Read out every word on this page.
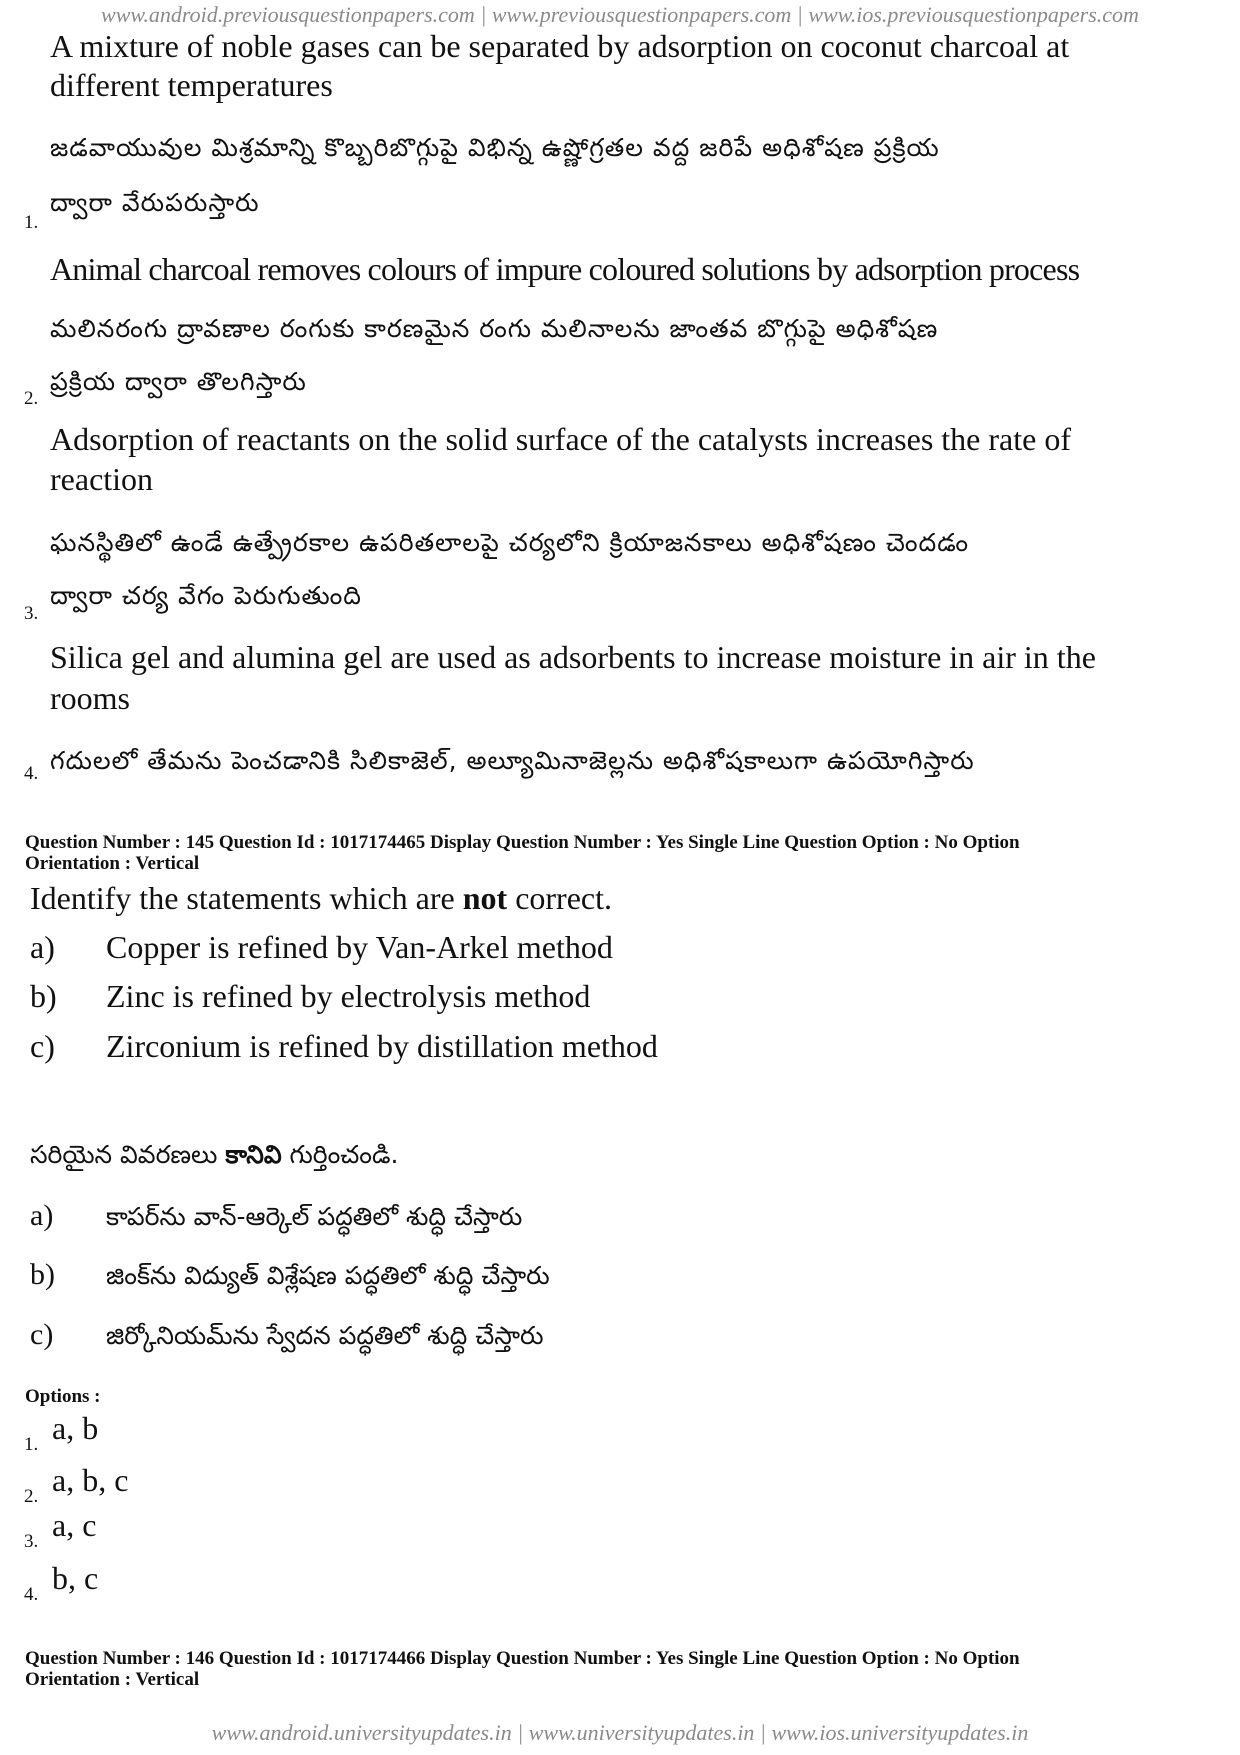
www.android.previousquestionpapers.com | www.previousquestionpapers.com | www.ios.previousquestionpapers.com
A mixture of noble gases can be separated by adsorption on coconut charcoal at
different temperatures
జడవాయువుల మిశ్రమాన్ని కొబ్బరిబొగ్గుపై విభిన్న ఉష్ణోగ్రతల వద్ద జరిపే అధిశోషణ ప్రక్రియ
1.
ద్వారా వేరుపరుస్తారు
Animal charcoal removes colours of impure coloured solutions by adsorption process
మలినరంగు ద్రావణాల రంగుకు కారణమైన రంగు మలినాలను జాంతవ బొగ్గుపై అధిశోషణ
2.
ప్రక్రియ ద్వారా తొలగిస్తారు
Adsorption of reactants on the solid surface of the catalysts increases the rate of
reaction
ఘనస్థితిలో ఉండే ఉత్ప్రేరకాల ఉపరితలాలపై చర్యలోని క్రియాజనకాలు అధిశోషణం చెందడం
3.
ద్వారా చర్య వేగం పెరుగుతుంది
Silica gel and alumina gel are used as adsorbents to increase moisture in air in the
rooms
4. గదులలో తేమను పెంచడానికి సిలికాజెల్, అల్యూమినాజెల్లను అధిశోషకాలుగా ఉపయోగిస్తారు
Question Number : 145 Question Id : 1017174465 Display Question Number : Yes Single Line Question Option : No Option
Orientation : Vertical
Identify the statements which are not correct.
a) Copper is refined by Van-Arkel method
b) Zinc is refined by electrolysis method
c) Zirconium is refined by distillation method
సరియైన వివరణలు కానివి గుర్తించండి.
a) కాపర్‌ను వాన్-ఆర్కెల్ పద్ధతిలో శుద్ధి చేస్తారు
b) జింక్‌ను విద్యుత్ విశ్లేషణ పద్ధతిలో శుద్ధి చేస్తారు
c) జిర్కోనియమ్‌ను స్వేదన పద్ధతిలో శుద్ధి చేస్తారు
Options :
1. a, b
2. a, b, c
3. a, c
4. b, c
Question Number : 146 Question Id : 1017174466 Display Question Number : Yes Single Line Question Option : No Option
Orientation : Vertical
www.android.universityupdates.in | www.universityupdates.in | www.ios.universityupdates.in
